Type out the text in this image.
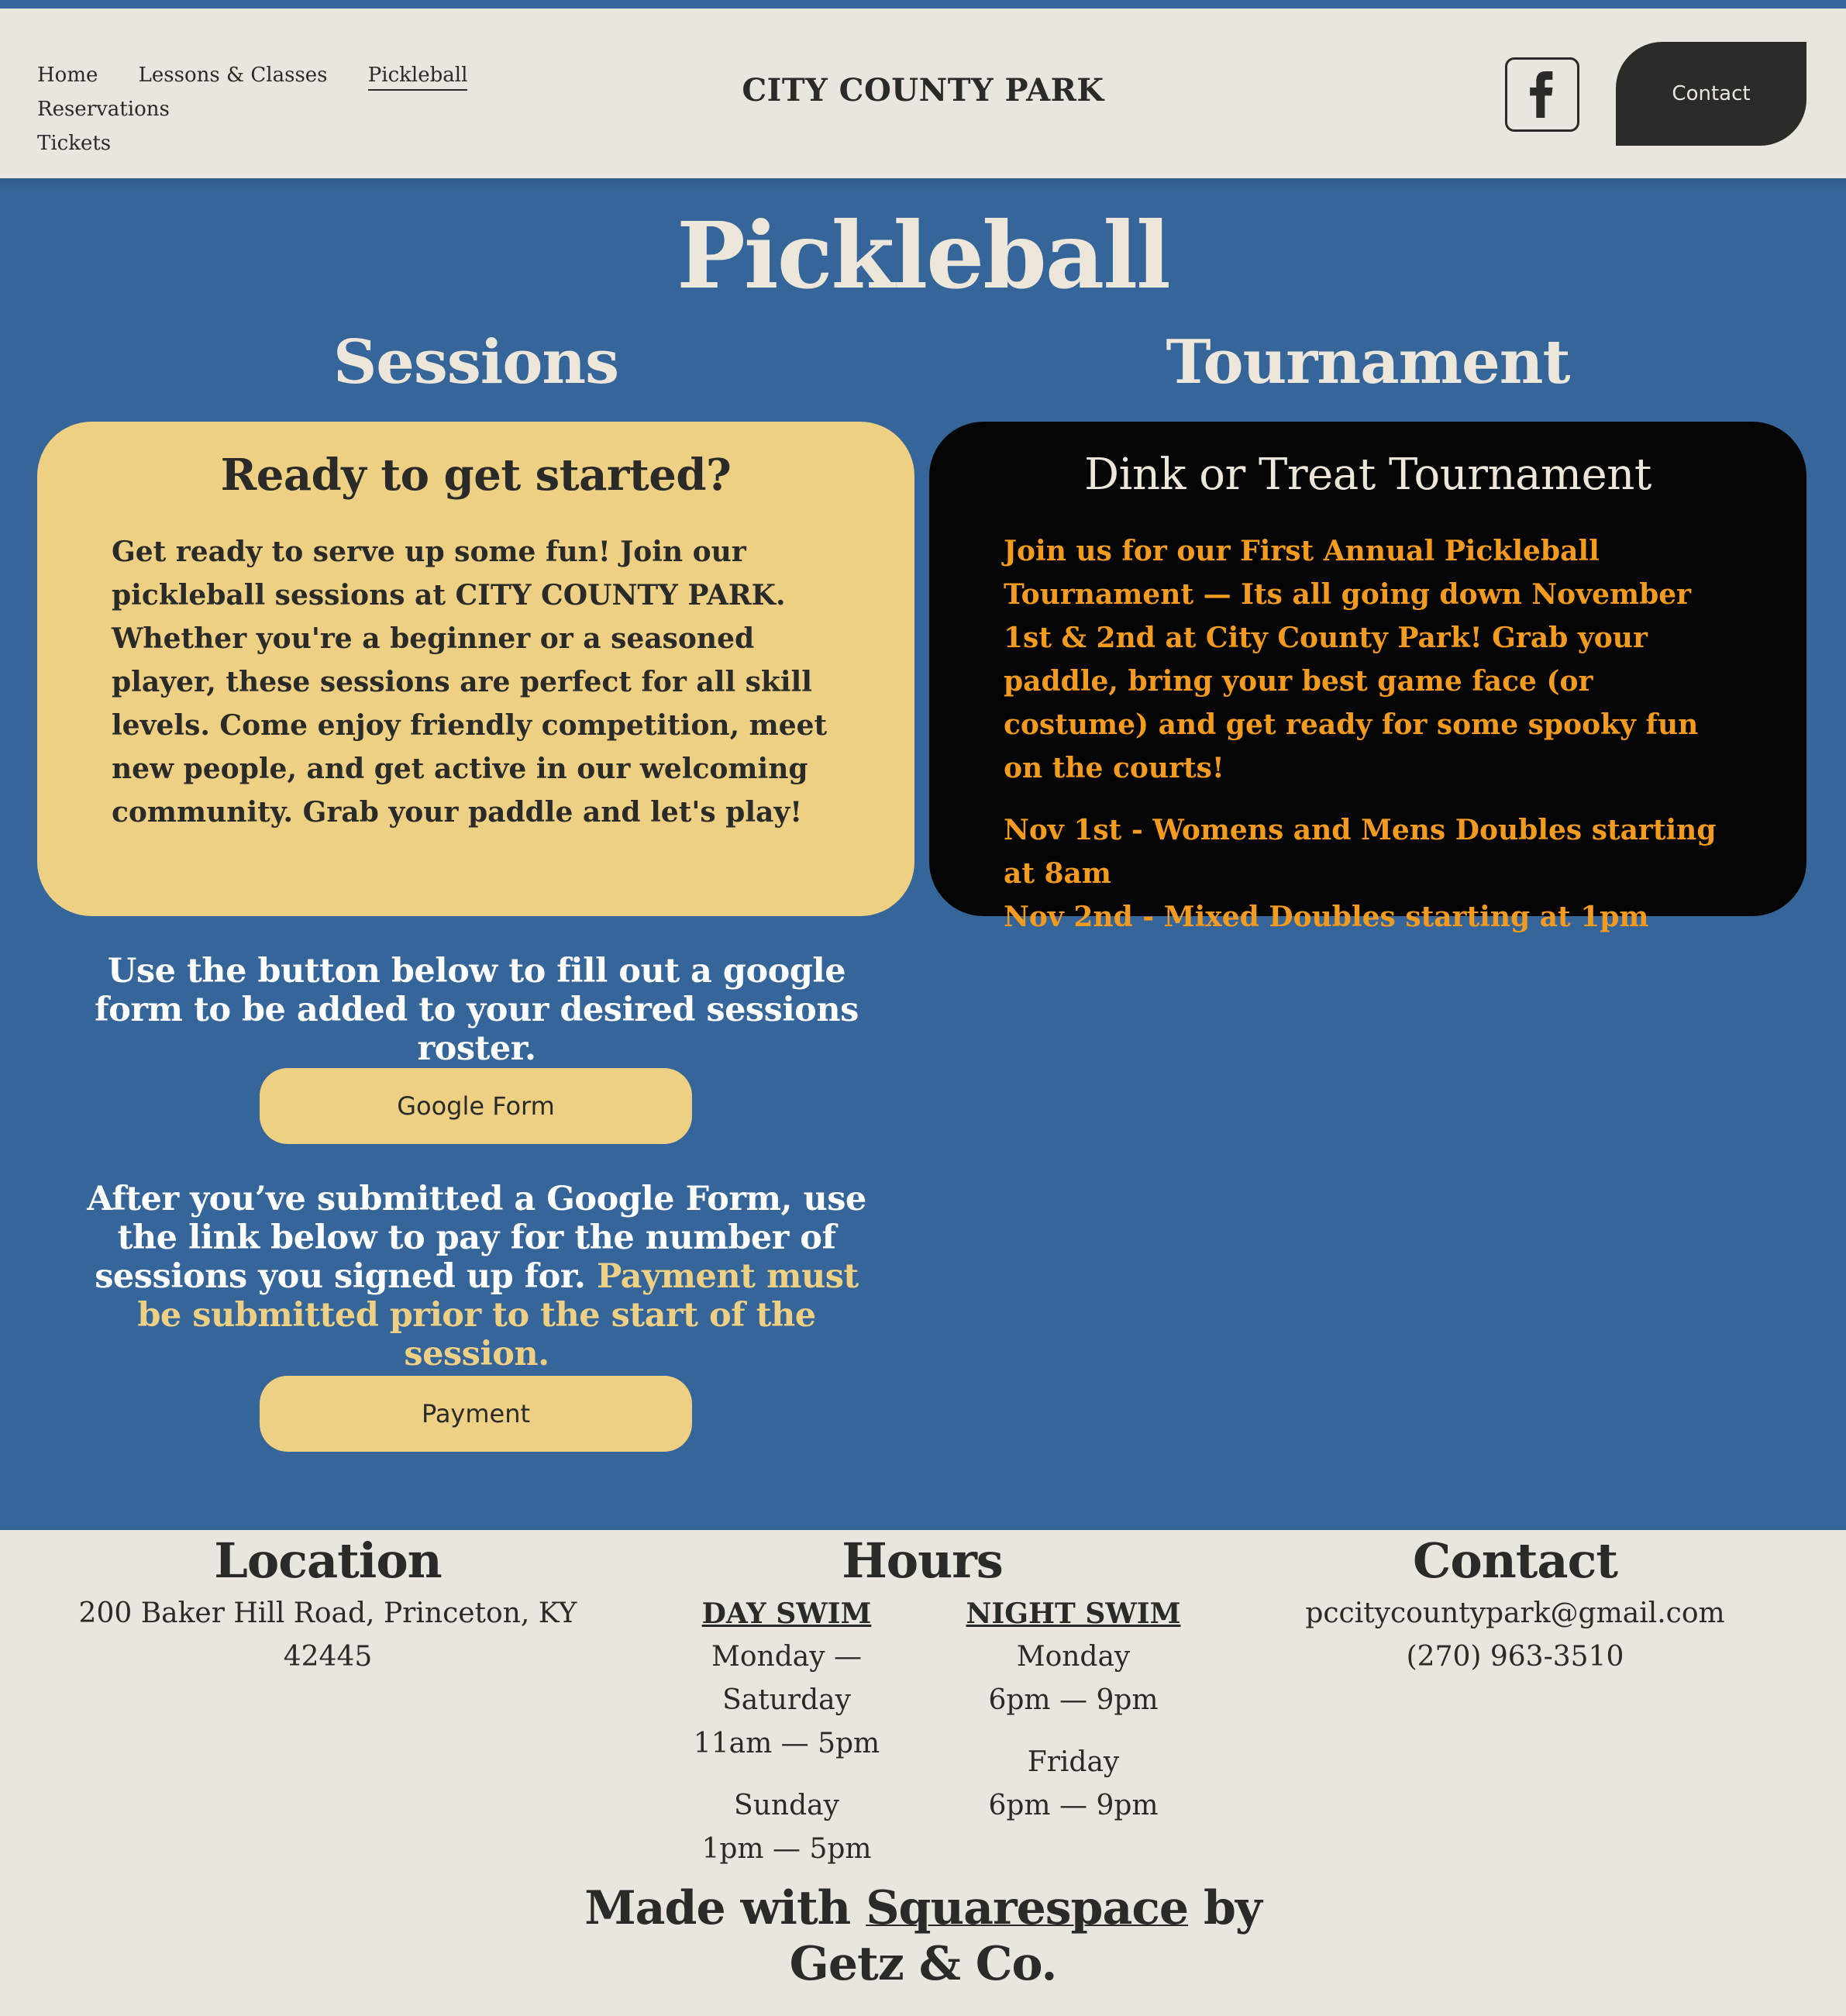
Home Lessons & Classes Pickleball Reservations
Tickets
CITY COUNTY PARK	Contact
Pickleball
Sessions	Tournament
Ready to get started?

Get ready to serve up some fun! Join our pickleball sessions at CITY COUNTY PARK. Whether you're a beginner or a seasoned player, these sessions are perfect for all skill levels. Come enjoy friendly competition, meet new people, and get active in our welcoming community. Grab your paddle and let's play!

Dink or Treat Tournament

Join us for our First Annual Pickleball Tournament — Its all going down November 1st & 2nd at City County Park! Grab your paddle, bring your best game face (or costume) and get ready for some spooky fun on the courts!

Nov 1st - Womens and Mens Doubles starting at 8am
Nov 2nd - Mixed Doubles starting at 1pm

Use the button below to fill out a google form to be added to your desired sessions roster.
Google Form
After you’ve submitted a Google Form, use the link below to pay for the number of sessions you signed up for. Payment must be submitted prior to the start of the session.
Payment
Location
200 Baker Hill Road, Princeton, KY 42445
Hours
DAY SWIM
Monday — Saturday
11am — 5pm
Sunday
1pm — 5pm
NIGHT SWIM
Monday
6pm — 9pm
Friday
6pm — 9pm
Contact
pccitycountypark@gmail.com
(270) 963-3510
Made with Squarespace by Getz & Co.
